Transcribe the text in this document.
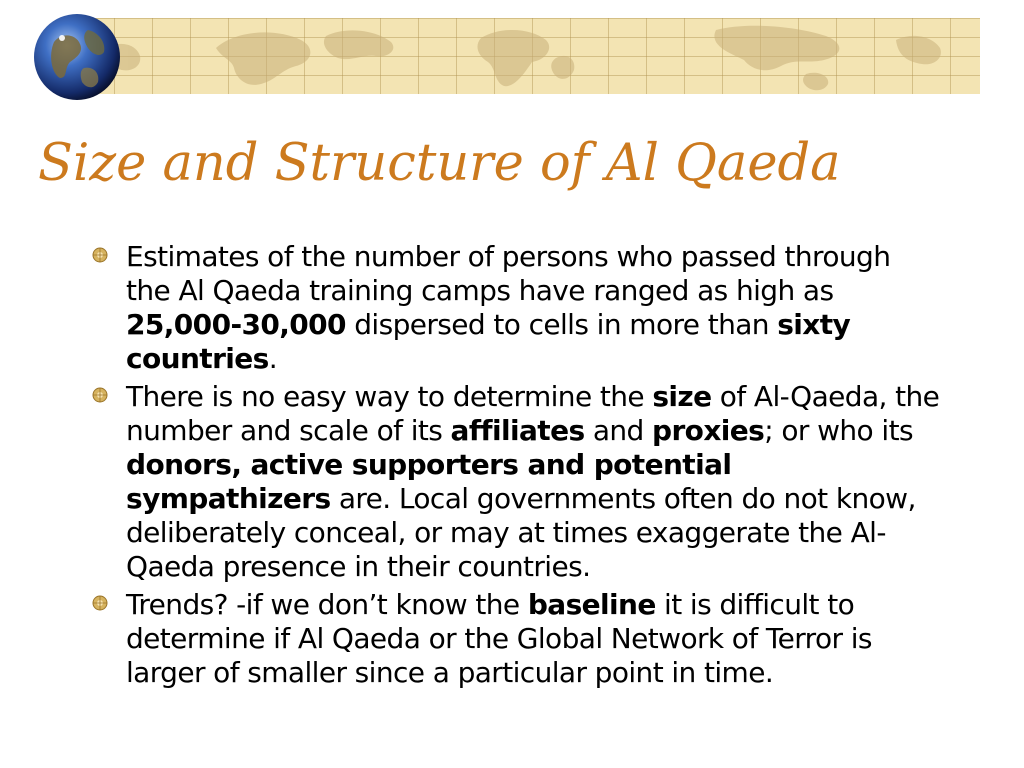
Size and Structure of Al Qaeda
Estimates of the number of persons who passed through the Al Qaeda training camps have ranged as high as 25,000-30,000 dispersed to cells in more than sixty countries.
There is no easy way to determine the size of Al-Qaeda, the number and scale of its affiliates and proxies; or who its donors, active supporters and potential sympathizers are. Local governments often do not know, deliberately conceal, or may at times exaggerate the Al-Qaeda presence in their countries.
Trends? -if we don’t know the baseline it is difficult to determine if Al Qaeda or the Global Network of Terror is larger of smaller since a particular point in time.
